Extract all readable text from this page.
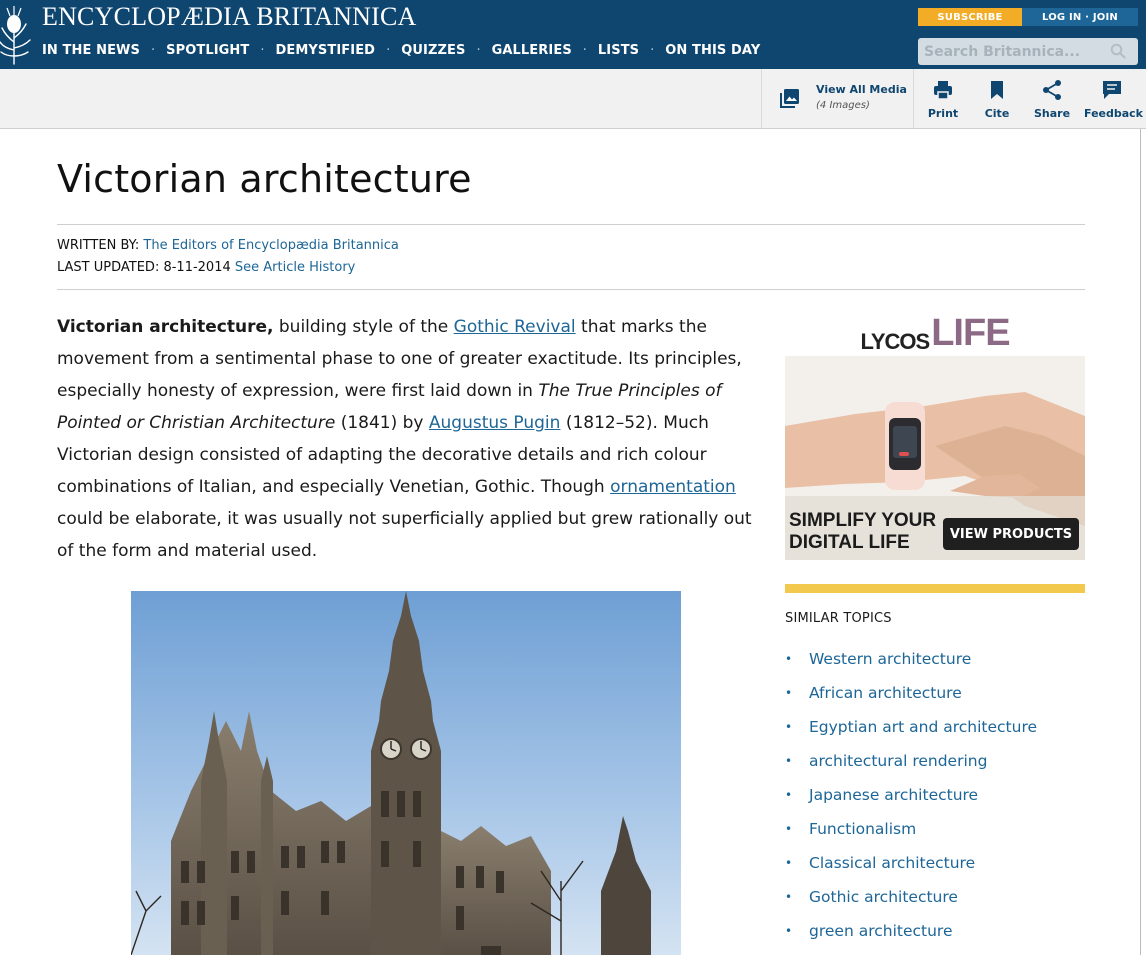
ENCYCLOPÆDIA BRITANNICA
IN THE NEWS · SPOTLIGHT · DEMYSTIFIED · QUIZZES · GALLERIES · LISTS · ON THIS DAY
SUBSCRIBE	LOG IN · JOIN
Search Britannica...
View All Media
(4 Images)
Print	Cite	Share	Feedback
Victorian architecture
WRITTEN BY: The Editors of Encyclopædia Britannica
LAST UPDATED: 8-11-2014 See Article History

Victorian architecture, building style of the Gothic Revival that marks the movement from a sentimental phase to one of greater exactitude. Its principles, especially honesty of expression, were first laid down in The True Principles of Pointed or Christian Architecture (1841) by Augustus Pugin (1812–52). Much Victorian design consisted of adapting the decorative details and rich colour combinations of Italian, and especially Venetian, Gothic. Though ornamentation could be elaborate, it was usually not superficially applied but grew rationally out of the form and material used.

LYCOSLIFE
SIMPLIFY YOUR
DIGITAL LIFE	VIEW PRODUCTS
SIMILAR TOPICS
•	Western architecture
•	African architecture
•	Egyptian art and architecture
•	architectural rendering
•	Japanese architecture
•	Functionalism
•	Classical architecture
•	Gothic architecture
•	green architecture
